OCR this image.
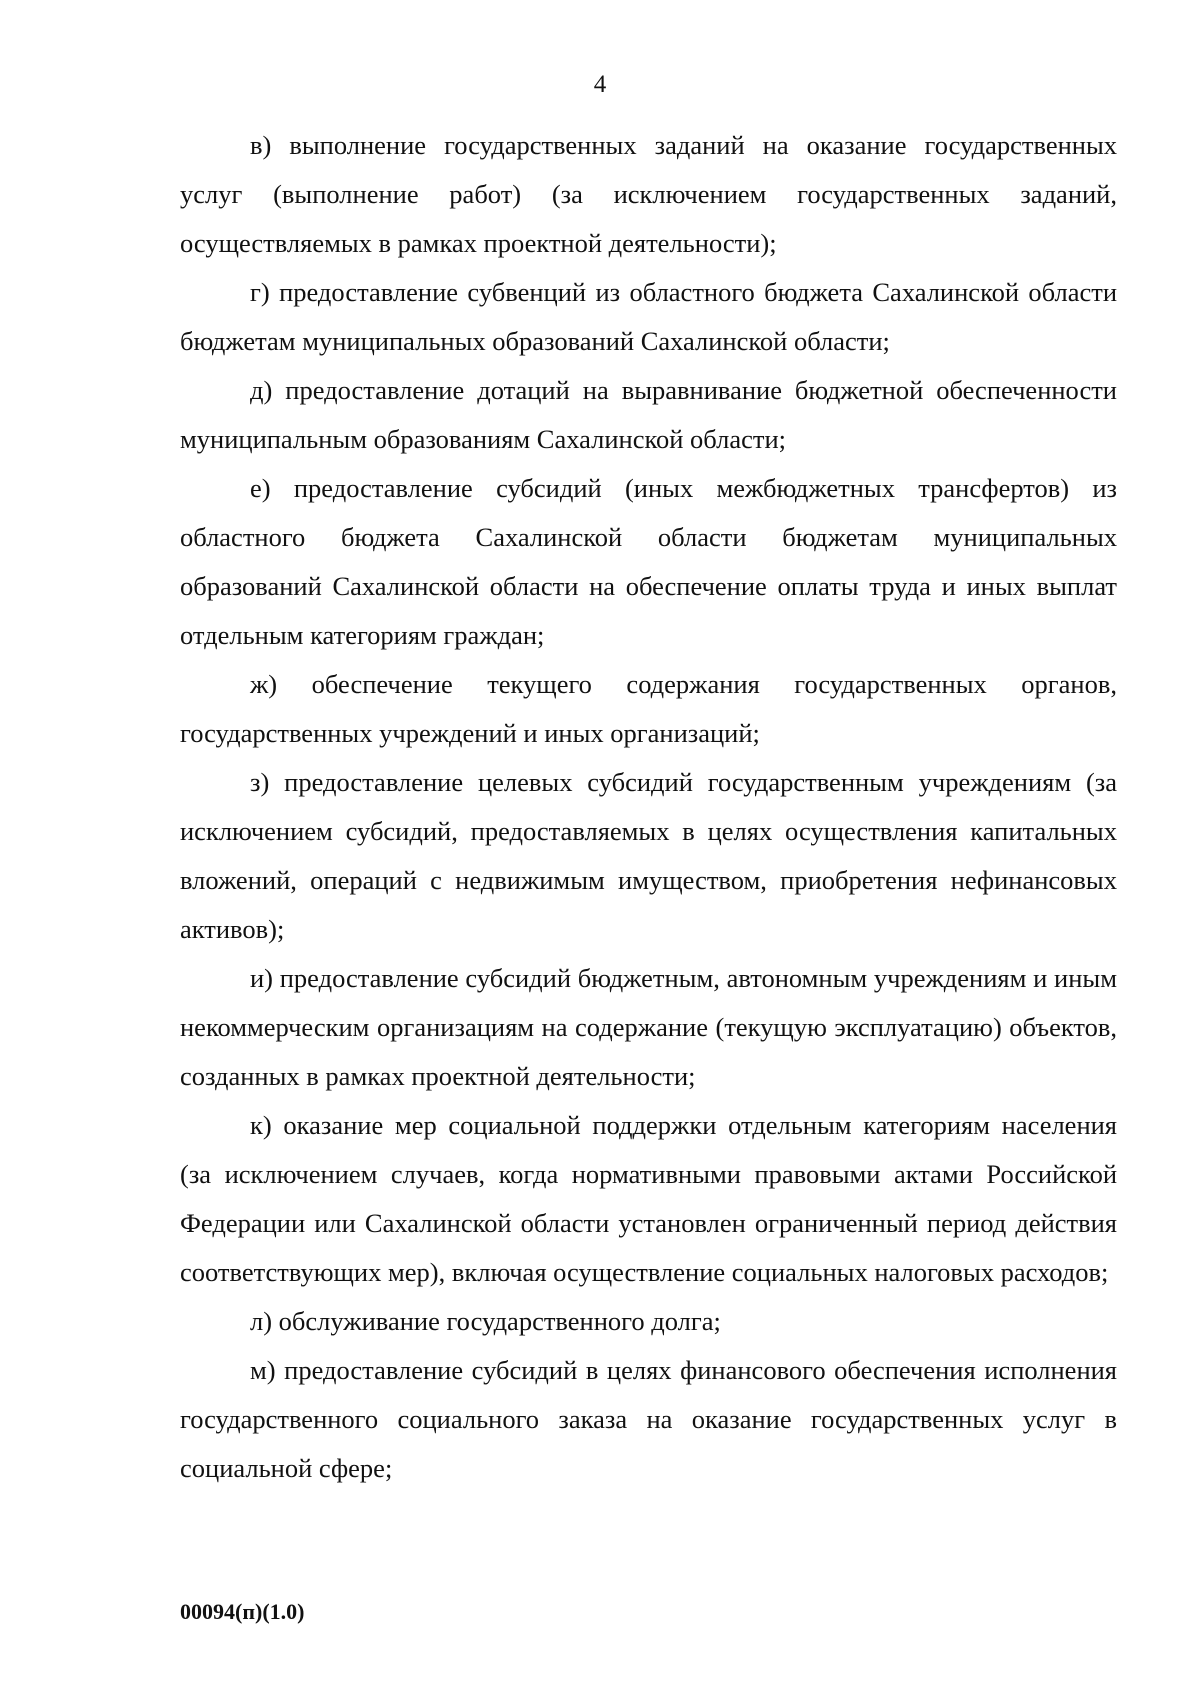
4

в) выполнение государственных заданий на оказание государственных услуг (выполнение работ) (за исключением государственных заданий, осуществляемых в рамках проектной деятельности);

г) предоставление субвенций из областного бюджета Сахалинской области бюджетам муниципальных образований Сахалинской области;

д) предоставление дотаций на выравнивание бюджетной обеспеченности муниципальным образованиям Сахалинской области;

е) предоставление субсидий (иных межбюджетных трансфертов) из областного бюджета Сахалинской области бюджетам муниципальных образований Сахалинской области на обеспечение оплаты труда и иных выплат отдельным категориям граждан;

ж) обеспечение текущего содержания государственных органов, государственных учреждений и иных организаций;

з) предоставление целевых субсидий государственным учреждениям (за исключением субсидий, предоставляемых в целях осуществления капитальных вложений, операций с недвижимым имуществом, приобретения нефинансовых активов);

и) предоставление субсидий бюджетным, автономным учреждениям и иным некоммерческим организациям на содержание (текущую эксплуатацию) объектов, созданных в рамках проектной деятельности;

к) оказание мер социальной поддержки отдельным категориям населения (за исключением случаев, когда нормативными правовыми актами Российской Федерации или Сахалинской области установлен ограниченный период действия соответствующих мер), включая осуществление социальных налоговых расходов;

л) обслуживание государственного долга;

м) предоставление субсидий в целях финансового обеспечения исполнения государственного социального заказа на оказание государственных услуг в социальной сфере;

00094(п)(1.0)
